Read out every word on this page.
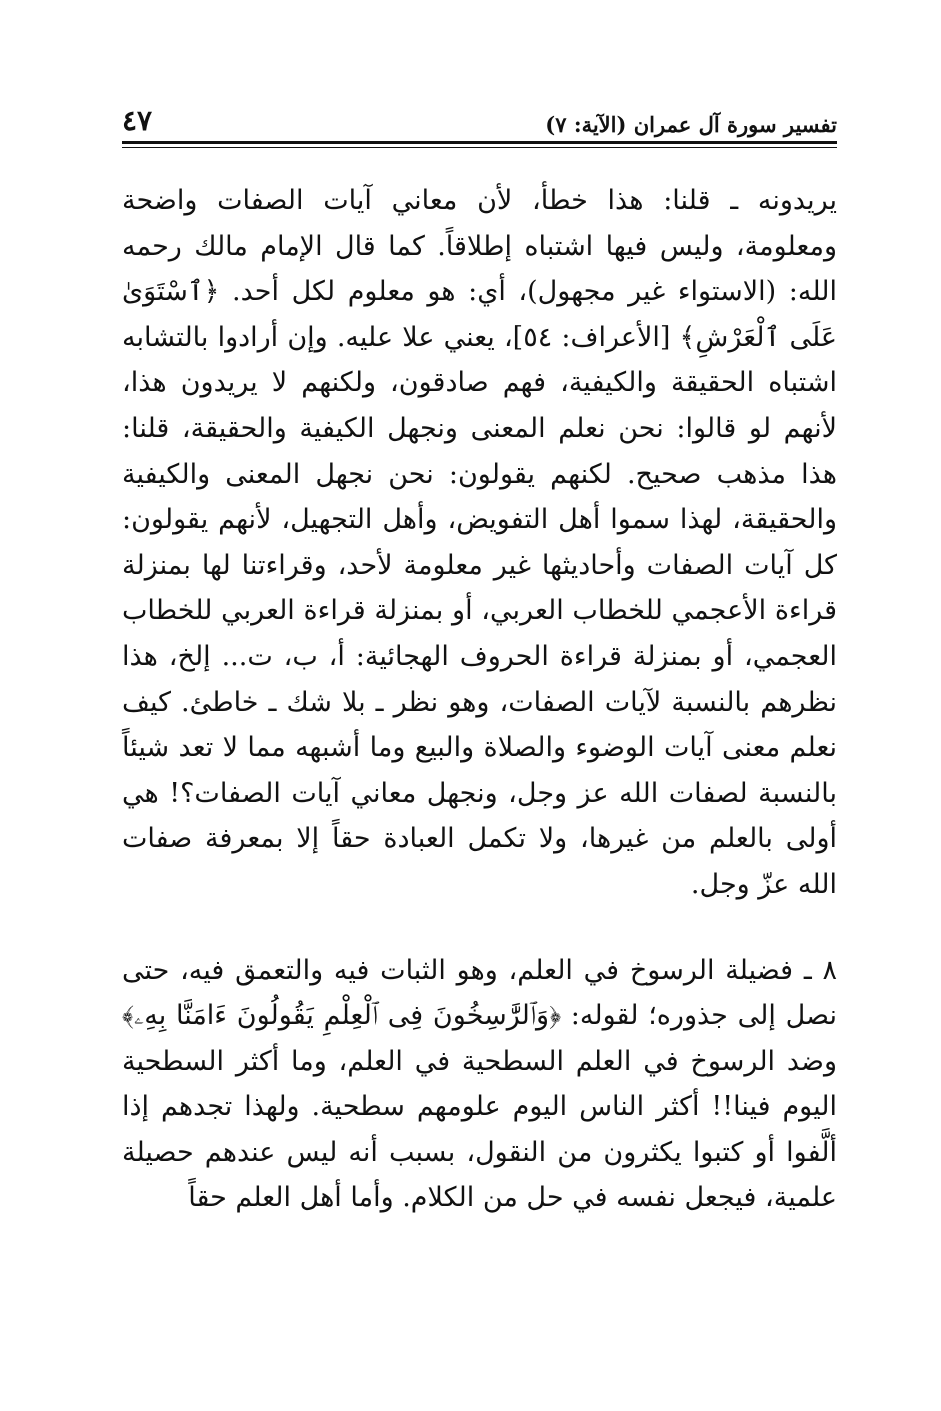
تفسير سورة آل عمران (الآية: ٧)
٤٧

يريدونه ـ قلنا: هذا خطأ، لأن معاني آيات الصفات واضحة ومعلومة، وليس فيها اشتباه إطلاقاً. كما قال الإمام مالك رحمه الله: (الاستواء غير مجهول)، أي: هو معلوم لكل أحد. ﴿ٱسْتَوَىٰ عَلَى ٱلْعَرْشِ﴾ [الأعراف: ٥٤]، يعني علا عليه. وإن أرادوا بالتشابه اشتباه الحقيقة والكيفية، فهم صادقون، ولكنهم لا يريدون هذا، لأنهم لو قالوا: نحن نعلم المعنى ونجهل الكيفية والحقيقة، قلنا: هذا مذهب صحيح. لكنهم يقولون: نحن نجهل المعنى والكيفية والحقيقة، لهذا سموا أهل التفويض، وأهل التجهيل، لأنهم يقولون: كل آيات الصفات وأحاديثها غير معلومة لأحد، وقراءتنا لها بمنزلة قراءة الأعجمي للخطاب العربي، أو بمنزلة قراءة العربي للخطاب العجمي، أو بمنزلة قراءة الحروف الهجائية: أ، ب، ت... إلخ، هذا نظرهم بالنسبة لآيات الصفات، وهو نظر ـ بلا شك ـ خاطئ. كيف نعلم معنى آيات الوضوء والصلاة والبيع وما أشبهه مما لا تعد شيئاً بالنسبة لصفات الله عز وجل، ونجهل معاني آيات الصفات؟! هي أولى بالعلم من غيرها، ولا تكمل العبادة حقاً إلا بمعرفة صفات الله عزّ وجل.

٨ ـ فضيلة الرسوخ في العلم، وهو الثبات فيه والتعمق فيه، حتى نصل إلى جذوره؛ لقوله: ﴿وَٱلرَّٰسِخُونَ فِى ٱلْعِلْمِ يَقُولُونَ ءَامَنَّا بِهِۦ﴾ وضد الرسوخ في العلم السطحية في العلم، وما أكثر السطحية اليوم فينا!! أكثر الناس اليوم علومهم سطحية. ولهذا تجدهم إذا ألَّفوا أو كتبوا يكثرون من النقول، بسبب أنه ليس عندهم حصيلة علمية، فيجعل نفسه في حل من الكلام. وأما أهل العلم حقاً
